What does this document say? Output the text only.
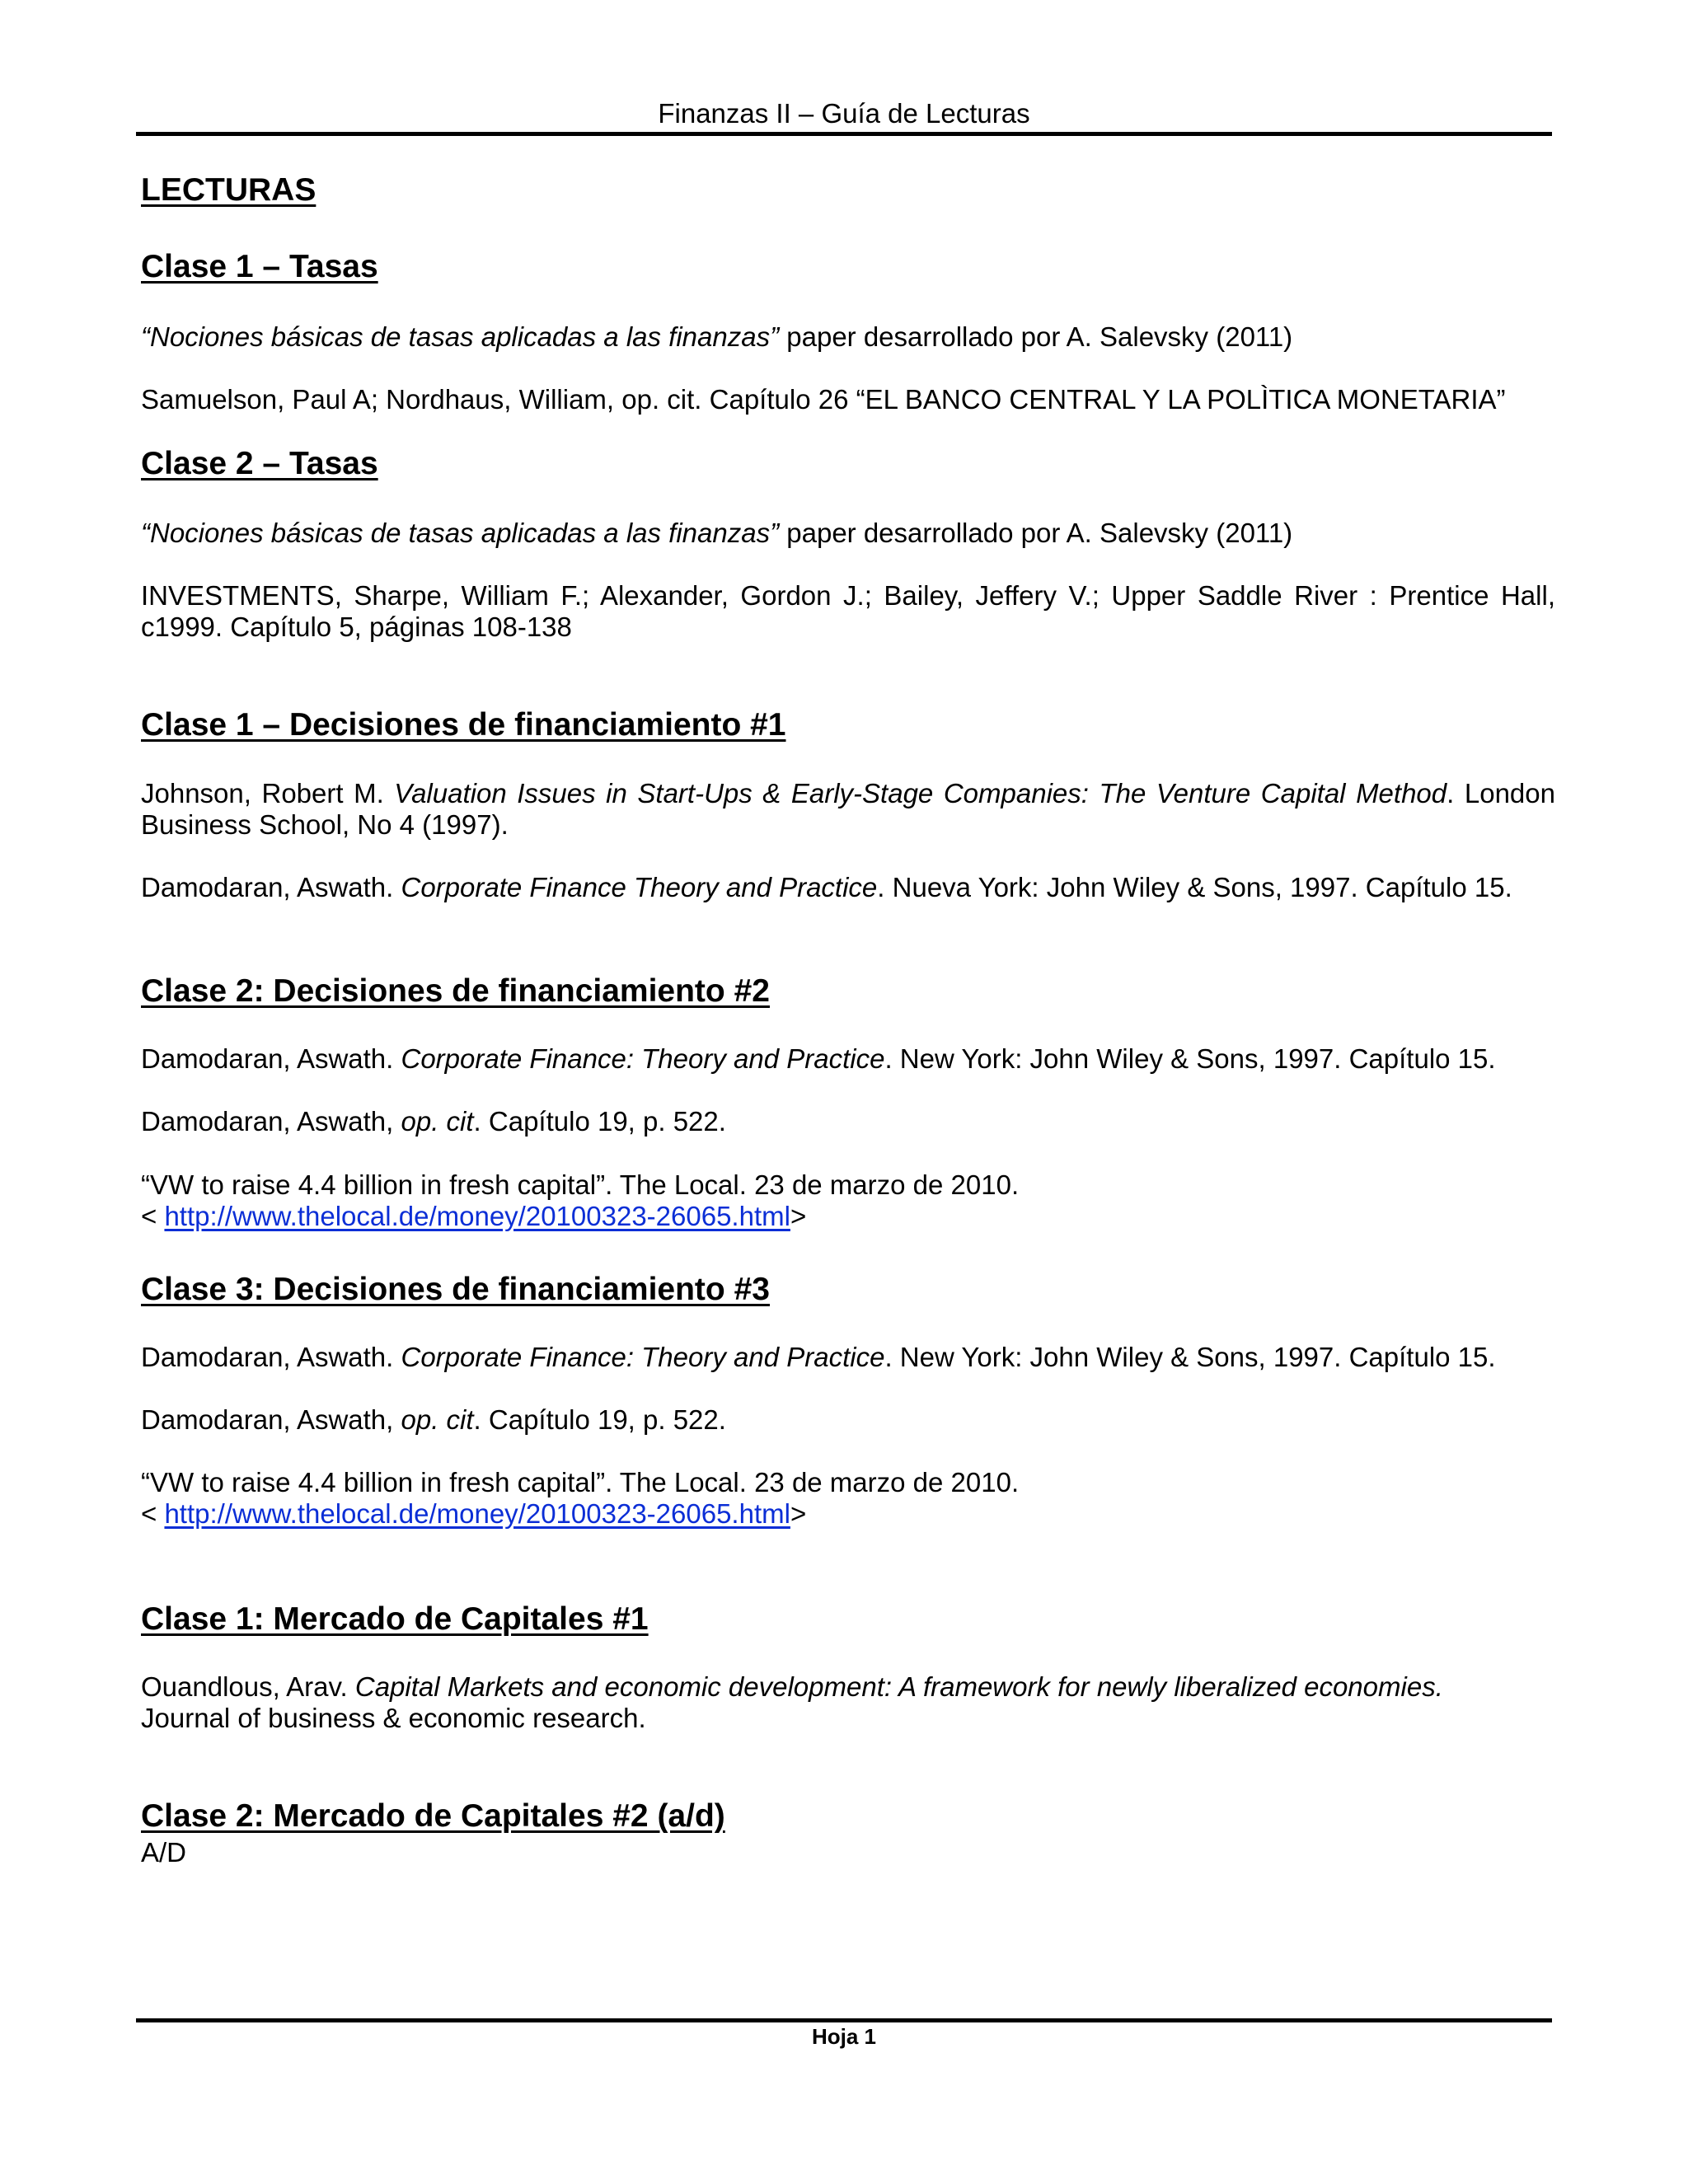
Finanzas II – Guía de Lecturas
LECTURAS
Clase 1 – Tasas
“Nociones básicas de tasas aplicadas a las finanzas” paper desarrollado por A. Salevsky (2011)
Samuelson, Paul A; Nordhaus, William, op. cit. Capítulo 26 “EL BANCO CENTRAL Y LA POLÌTICA MONETARIA”
Clase 2 – Tasas
“Nociones básicas de tasas aplicadas a las finanzas” paper desarrollado por A. Salevsky (2011)
INVESTMENTS, Sharpe, William F.; Alexander, Gordon J.; Bailey, Jeffery V.; Upper Saddle River : Prentice Hall,
c1999. Capítulo 5, páginas 108-138
Clase 1 – Decisiones de financiamiento #1
Johnson, Robert M. Valuation Issues in Start-Ups & Early-Stage Companies: The Venture Capital Method. London
Business School, No 4 (1997).
Damodaran, Aswath. Corporate Finance Theory and Practice. Nueva York: John Wiley & Sons, 1997. Capítulo 15.
Clase 2: Decisiones de financiamiento #2
Damodaran, Aswath. Corporate Finance: Theory and Practice. New York: John Wiley & Sons, 1997. Capítulo 15.
Damodaran, Aswath, op. cit. Capítulo 19, p. 522.
“VW to raise 4.4 billion in fresh capital”. The Local. 23 de marzo de 2010.
< http://www.thelocal.de/money/20100323-26065.html>
Clase 3: Decisiones de financiamiento #3
Damodaran, Aswath. Corporate Finance: Theory and Practice. New York: John Wiley & Sons, 1997. Capítulo 15.
Damodaran, Aswath, op. cit. Capítulo 19, p. 522.
“VW to raise 4.4 billion in fresh capital”. The Local. 23 de marzo de 2010.
< http://www.thelocal.de/money/20100323-26065.html>
Clase 1: Mercado de Capitales #1
Ouandlous, Arav. Capital Markets and economic development: A framework for newly liberalized economies.
Journal of business & economic research.
Clase 2: Mercado de Capitales #2 (a/d)
A/D
Hoja 1
